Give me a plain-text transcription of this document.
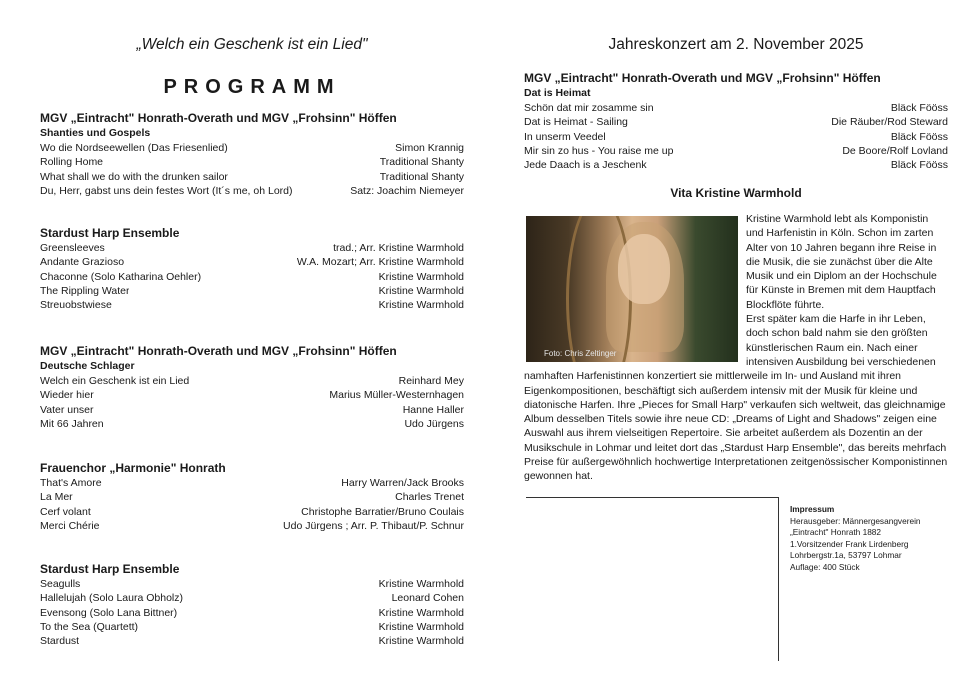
„Welch ein Geschenk ist ein Lied"
PROGRAMM
MGV „Eintracht" Honrath-Overath und MGV „Frohsinn" Höffen
Shanties und Gospels
Wo die Nordseewellen (Das Friesenlied)	Simon Krannig
Rolling Home	Traditional Shanty
What shall we do with the drunken sailor	Traditional Shanty
Du, Herr, gabst uns dein festes Wort (It´s me, oh Lord)	Satz: Joachim Niemeyer
Stardust Harp Ensemble
Greensleeves	trad.; Arr. Kristine Warmhold
Andante Grazioso	W.A. Mozart; Arr. Kristine Warmhold
Chaconne (Solo Katharina Oehler)	Kristine Warmhold
The Rippling Water	Kristine Warmhold
Streuobstwiese	Kristine Warmhold
MGV „Eintracht" Honrath-Overath und MGV „Frohsinn" Höffen
Deutsche Schlager
Welch ein Geschenk ist ein Lied	Reinhard Mey
Wieder hier	Marius Müller-Westernhagen
Vater unser	Hanne Haller
Mit 66 Jahren	Udo Jürgens
Frauenchor „Harmonie" Honrath
That's Amore	Harry Warren/Jack Brooks
La Mer	Charles Trenet
Cerf volant	Christophe Barratier/Bruno Coulais
Merci Chérie	Udo Jürgens ; Arr. P. Thibaut/P. Schnur
Stardust Harp Ensemble
Seagulls	Kristine Warmhold
Hallelujah (Solo Laura Obholz)	Leonard Cohen
Evensong (Solo Lana Bittner)	Kristine Warmhold
To the Sea (Quartett)	Kristine Warmhold
Stardust	Kristine Warmhold
Jahreskonzert am 2. November 2025
MGV „Eintracht" Honrath-Overath und MGV „Frohsinn" Höffen
Dat is Heimat
Schön dat mir zosamme sin	Bläck Fööss
Dat is Heimat - Sailing	Die Räuber/Rod Steward
In unserm Veedel	Bläck Fööss
Mir sin zo hus - You raise me up	De Boore/Rolf Lovland
Jede Daach is a Jeschenk	Bläck Fööss
Vita Kristine Warmhold

Kristine Warmhold lebt als Komponistin und Harfenistin in Köln. Schon im zarten Alter von 10 Jahren begann ihre Reise in die Musik, die sie zunächst über die Alte Musik und ein Diplom an der Hochschule für Künste in Bremen mit dem Hauptfach Blockflöte führte.

Erst später kam die Harfe in ihr Leben, doch schon bald nahm sie den größten künstlerischen Raum ein. Nach einer intensiven Ausbildung bei verschiedenen namhaften Harfenistinnen konzertiert sie mittlerweile im In- und Ausland mit ihren Eigenkompositionen, beschäftigt sich außerdem intensiv mit der Musik für kleine und diatonische Harfen. Ihre „Pieces for Small Harp" verkaufen sich weltweit, das gleichnamige Album desselben Titels sowie ihre neue CD: „Dreams of Light and Shadows" zeigen eine Auswahl aus ihrem vielseitigen Repertoire. Sie arbeitet außerdem als Dozentin an der Musikschule in Lohmar und leitet dort das „Stardust Harp Ensemble", das bereits mehrfach Preise für außergewöhnlich hochwertige Interpretationen zeitgenössischer Komponistinnen gewonnen hat.

Foto: Chris Zeltinger
Impressum
Herausgeber: Männergesangverein
„Eintracht" Honrath 1882
1.Vorsitzender Frank Lirdenberg
Lohrbergstr.1a, 53797 Lohmar
Auflage: 400 Stück
